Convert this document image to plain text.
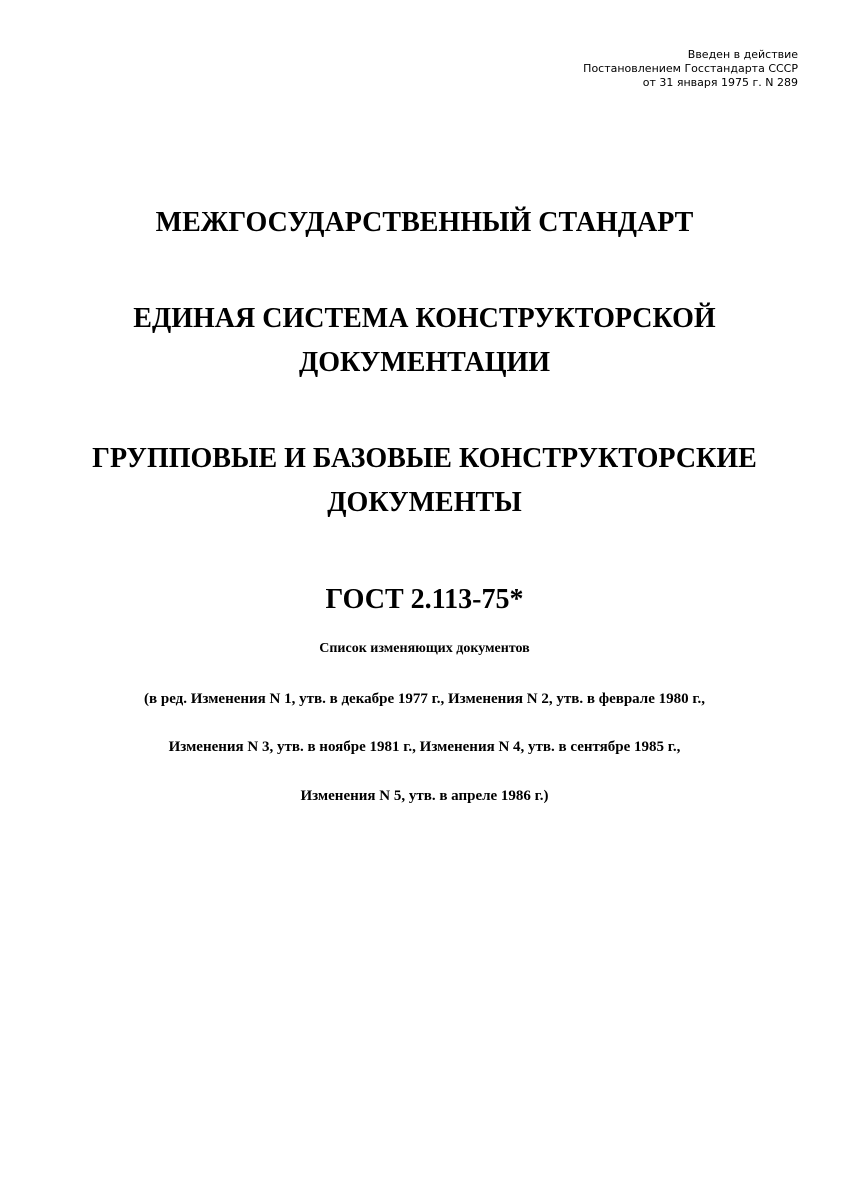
Введен в действие
Постановлением Госстандарта СССР
от 31 января 1975 г. N 289
МЕЖГОСУДАРСТВЕННЫЙ СТАНДАРТ
ЕДИНАЯ СИСТЕМА КОНСТРУКТОРСКОЙ
ДОКУМЕНТАЦИИ
ГРУППОВЫЕ И БАЗОВЫЕ КОНСТРУКТОРСКИЕ
ДОКУМЕНТЫ
ГОСТ 2.113-75*
Список изменяющих документов
(в ред. Изменения N 1, утв. в декабре 1977 г., Изменения N 2, утв. в феврале 1980 г.,
Изменения N 3, утв. в ноябре 1981 г., Изменения N 4, утв. в сентябре 1985 г.,
Изменения N 5, утв. в апреле 1986 г.)
